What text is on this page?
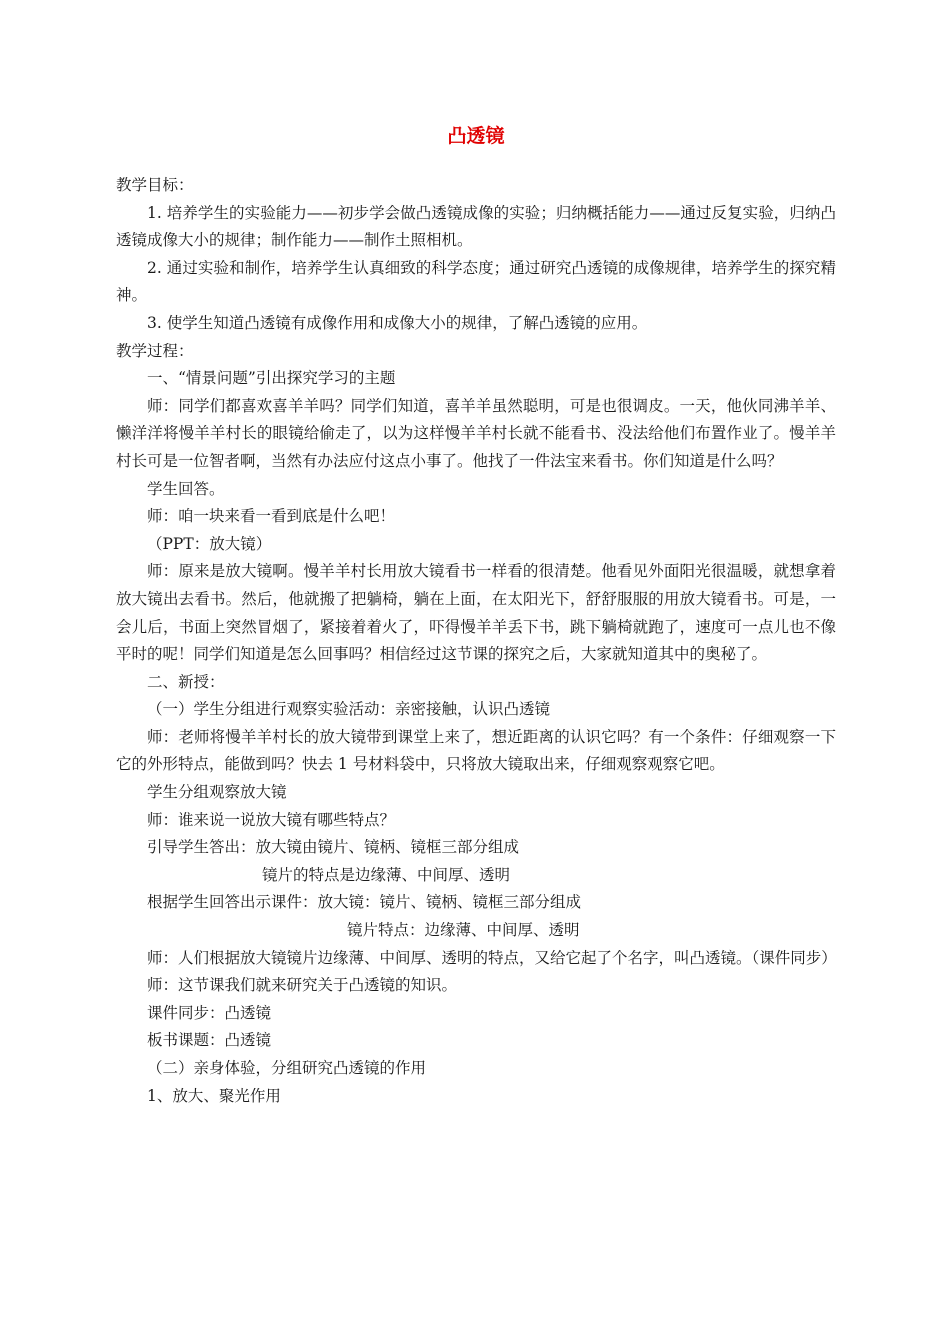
凸透镜

教学目标：

1. 培养学生的实验能力——初步学会做凸透镜成像的实验；归纳概括能力——通过反复实验，归纳凸透镜成像大小的规律；制作能力——制作土照相机。

2. 通过实验和制作，培养学生认真细致的科学态度；通过研究凸透镜的成像规律，培养学生的探究精神。

3. 使学生知道凸透镜有成像作用和成像大小的规律，了解凸透镜的应用。

教学过程：

一、“情景问题”引出探究学习的主题

师：同学们都喜欢喜羊羊吗？同学们知道，喜羊羊虽然聪明，可是也很调皮。一天，他伙同沸羊羊、懒洋洋将慢羊羊村长的眼镜给偷走了，以为这样慢羊羊村长就不能看书、没法给他们布置作业了。慢羊羊村长可是一位智者啊，当然有办法应付这点小事了。他找了一件法宝来看书。你们知道是什么吗？

学生回答。

师：咱一块来看一看到底是什么吧！

（PPT：放大镜）

师：原来是放大镜啊。慢羊羊村长用放大镜看书一样看的很清楚。他看见外面阳光很温暖，就想拿着放大镜出去看书。然后，他就搬了把躺椅，躺在上面，在太阳光下，舒舒服服的用放大镜看书。可是，一会儿后，书面上突然冒烟了，紧接着着火了，吓得慢羊羊丢下书，跳下躺椅就跑了，速度可一点儿也不像平时的呢！同学们知道是怎么回事吗？相信经过这节课的探究之后，大家就知道其中的奥秘了。

二、新授：

（一）学生分组进行观察实验活动：亲密接触，认识凸透镜

师：老师将慢羊羊村长的放大镜带到课堂上来了，想近距离的认识它吗？有一个条件：仔细观察一下它的外形特点，能做到吗？快去 1 号材料袋中，只将放大镜取出来，仔细观察观察它吧。

学生分组观察放大镜

师：谁来说一说放大镜有哪些特点？

引导学生答出：放大镜由镜片、镜柄、镜框三部分组成

镜片的特点是边缘薄、中间厚、透明

根据学生回答出示课件：放大镜：镜片、镜柄、镜框三部分组成

镜片特点：边缘薄、中间厚、透明

师：人们根据放大镜镜片边缘薄、中间厚、透明的特点，又给它起了个名字，叫凸透镜。（课件同步）

师：这节课我们就来研究关于凸透镜的知识。

课件同步：凸透镜

板书课题：凸透镜

（二）亲身体验，分组研究凸透镜的作用

1、放大、聚光作用
